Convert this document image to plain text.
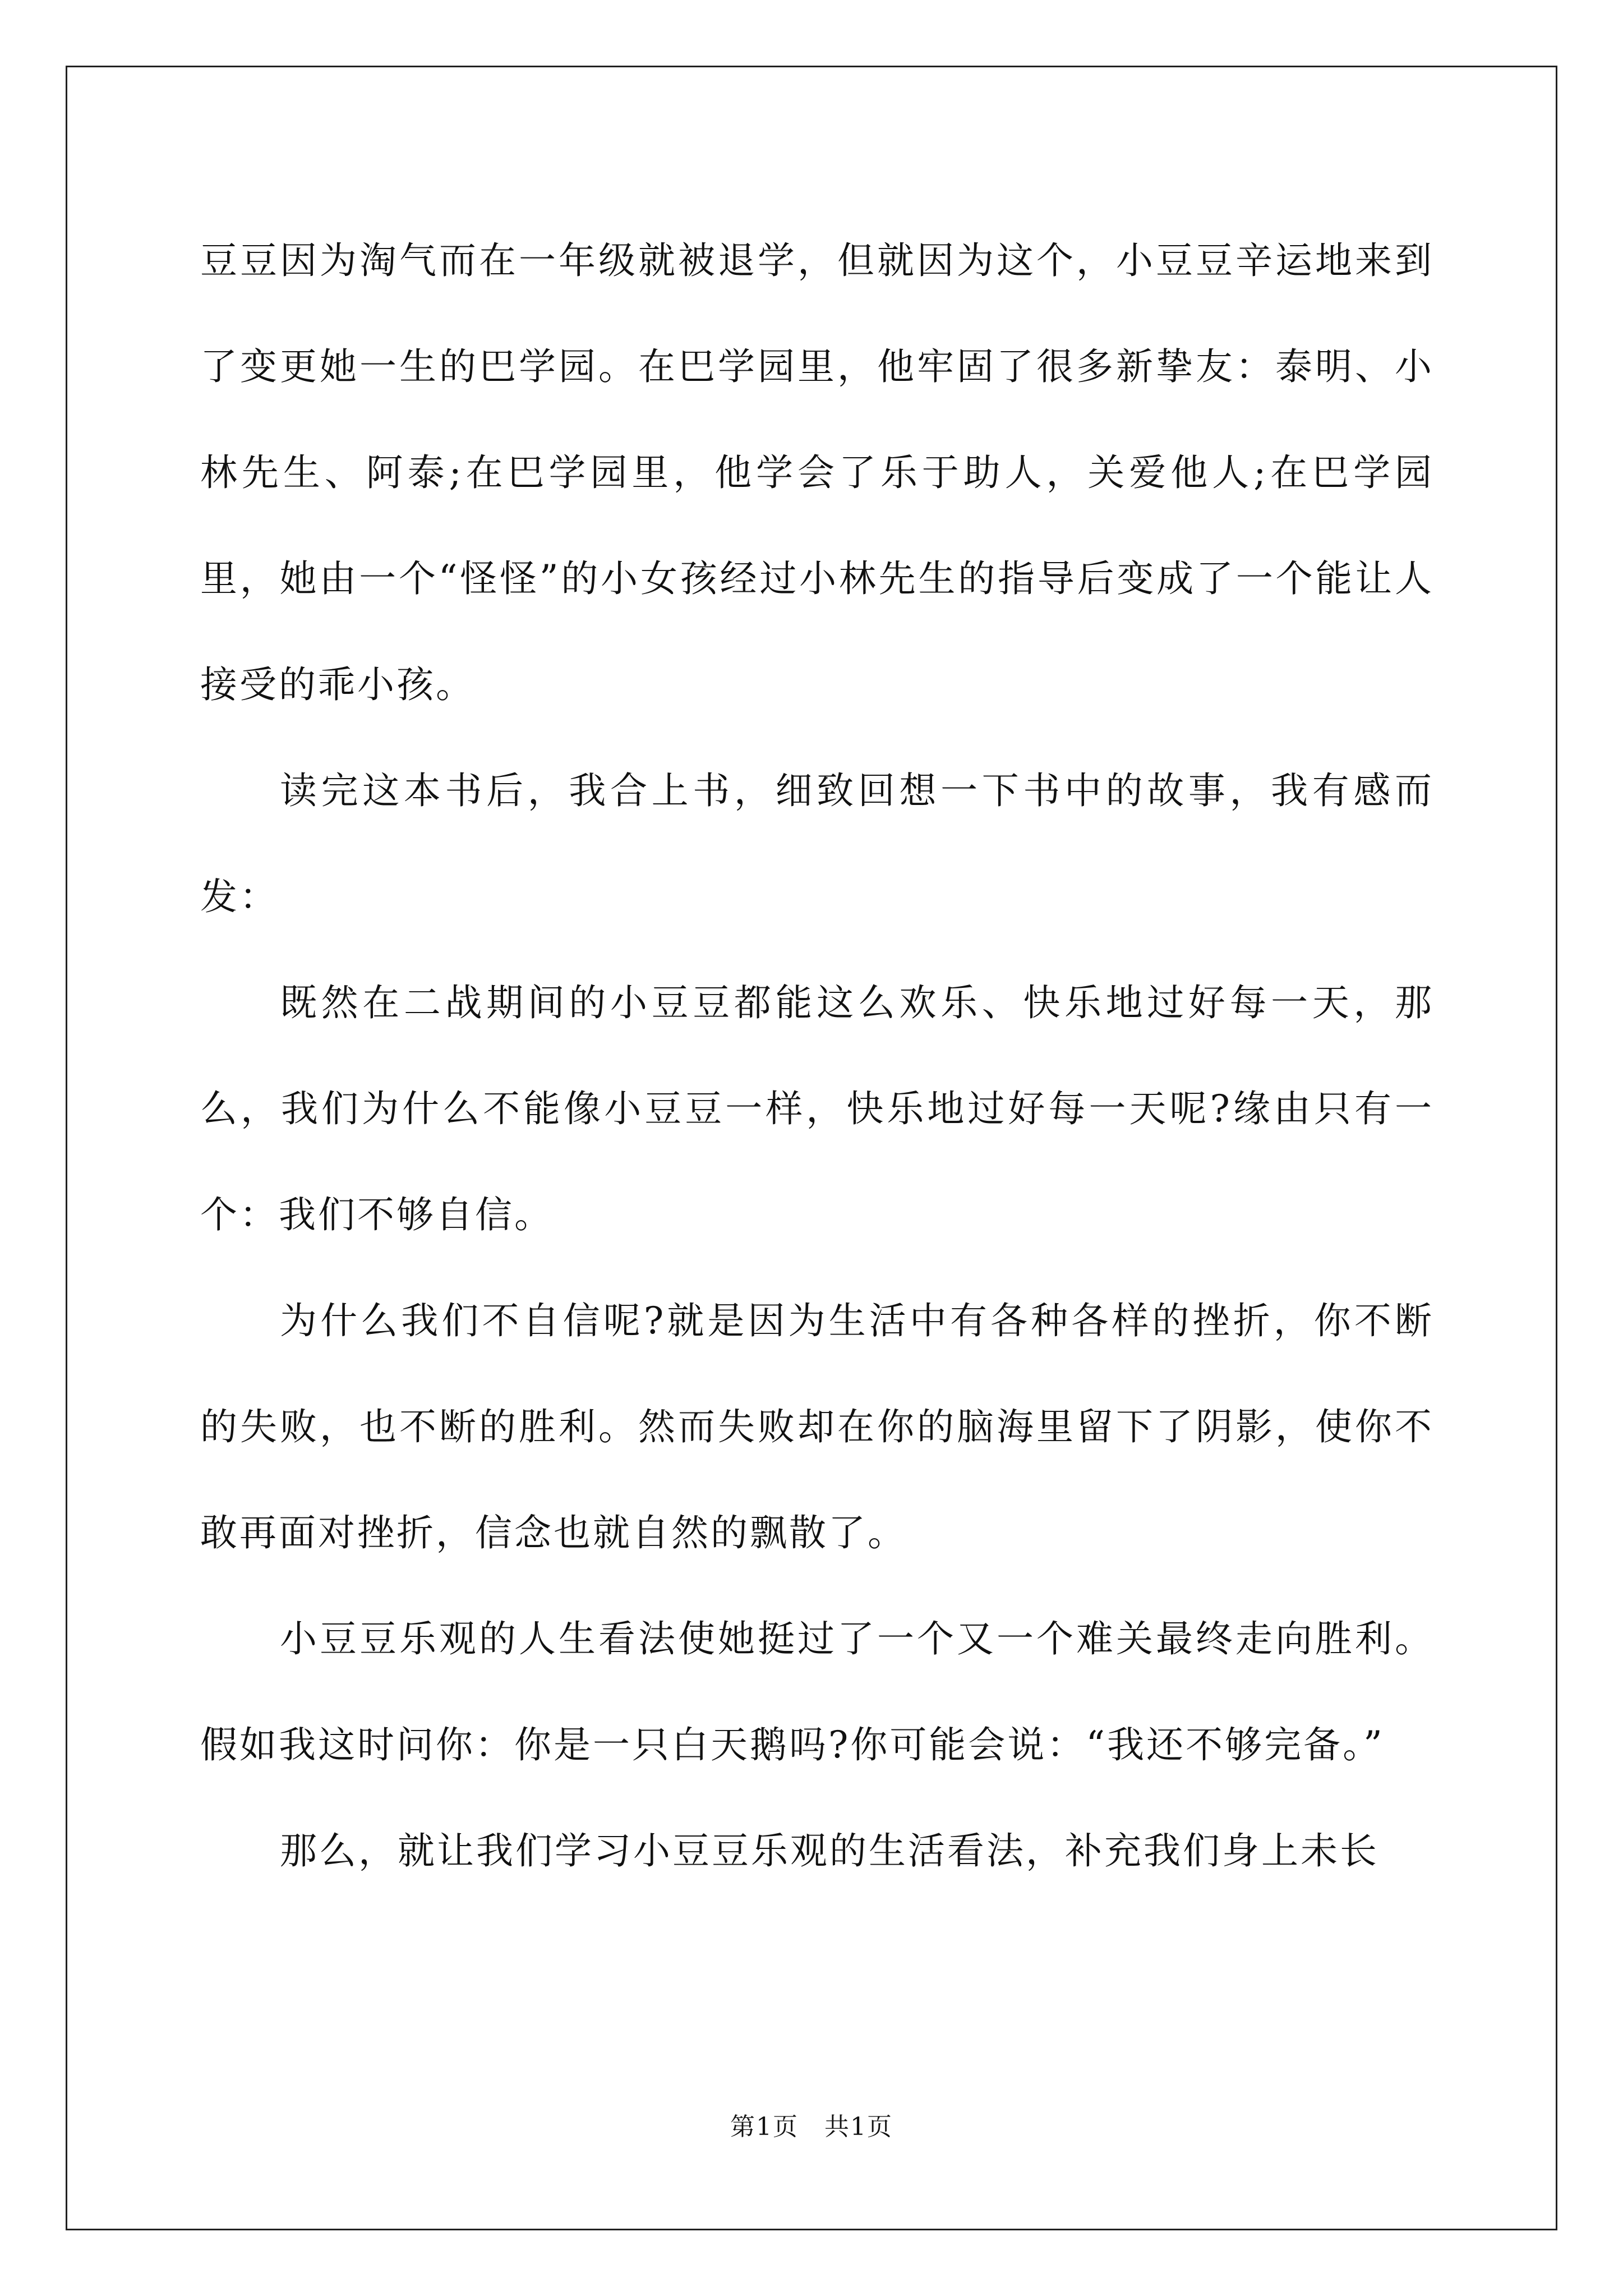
豆豆因为淘气而在一年级就被退学，但就因为这个，小豆豆辛运地来到了变更她一生的巴学园。在巴学园里，他牢固了很多新挚友：泰明、小林先生、阿泰;在巴学园里，他学会了乐于助人，关爱他人;在巴学园里，她由一个“怪怪”的小女孩经过小林先生的指导后变成了一个能让人接受的乖小孩。

读完这本书后，我合上书，细致回想一下书中的故事，我有感而发：

既然在二战期间的小豆豆都能这么欢乐、快乐地过好每一天，那么，我们为什么不能像小豆豆一样，快乐地过好每一天呢?缘由只有一个：我们不够自信。

为什么我们不自信呢?就是因为生活中有各种各样的挫折，你不断的失败，也不断的胜利。然而失败却在你的脑海里留下了阴影，使你不敢再面对挫折，信念也就自然的飘散了。

小豆豆乐观的人生看法使她挺过了一个又一个难关最终走向胜利。假如我这时问你：你是一只白天鹅吗?你可能会说：“我还不够完备。”

那么，就让我们学习小豆豆乐观的生活看法，补充我们身上未长

第1页　共1页
